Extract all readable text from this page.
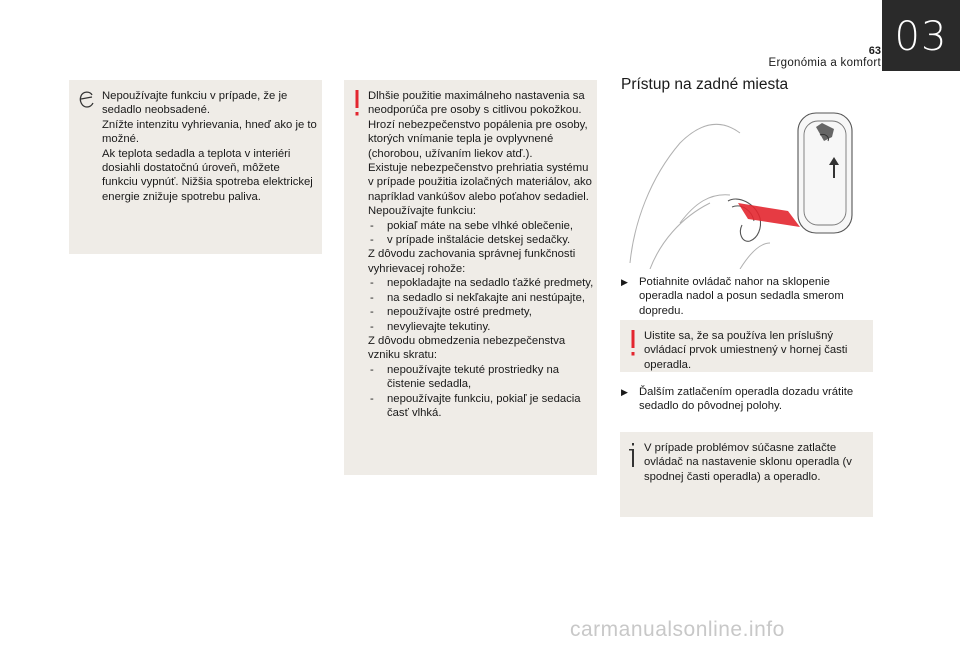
63
Ergonómia a komfort
03

Nepoužívajte funkciu v prípade, že je sedadlo neobsadené.

Znížte intenzitu vyhrievania, hneď ako je to možné.

Ak teplota sedadla a teplota v interiéri dosiahli dostatočnú úroveň, môžete funkciu vypnúť. Nižšia spotreba elektrickej energie znižuje spotrebu paliva.

Dlhšie použitie maximálneho nastavenia sa neodporúča pre osoby s citlivou pokožkou.

Hrozí nebezpečenstvo popálenia pre osoby, ktorých vnímanie tepla je ovplyvnené (chorobou, užívaním liekov atď.).

Existuje nebezpečenstvo prehriatia systému v prípade použitia izolačných materiálov, ako napríklad vankúšov alebo poťahov sedadiel.

Nepoužívajte funkciu:

- pokiaľ máte na sebe vlhké oblečenie,

- v prípade inštalácie detskej sedačky.

Z dôvodu zachovania správnej funkčnosti vyhrievacej rohože:

- nepokladajte na sedadlo ťažké predmety,

- na sedadlo si nekľakajte ani nestúpajte,

- nepoužívajte ostré predmety,

- nevylievajte tekutiny.

Z dôvodu obmedzenia nebezpečenstva vzniku skratu:

- nepoužívajte tekuté prostriedky na čistenie sedadla,

- nepoužívajte funkciu, pokiaľ je sedacia časť vlhká.

Prístup na zadné miesta
▶ Potiahnite ovládač nahor na sklopenie operadla nadol a posun sedadla smerom dopredu.

Uistite sa, že sa používa len príslušný ovládací prvok umiestnený v hornej časti operadla.

▶ Ďalším zatlačením operadla dozadu vrátite sedadlo do pôvodnej polohy.

V prípade problémov súčasne zatlačte ovládač na nastavenie sklonu operadla (v spodnej časti operadla) a operadlo.

carmanualsonline.info
